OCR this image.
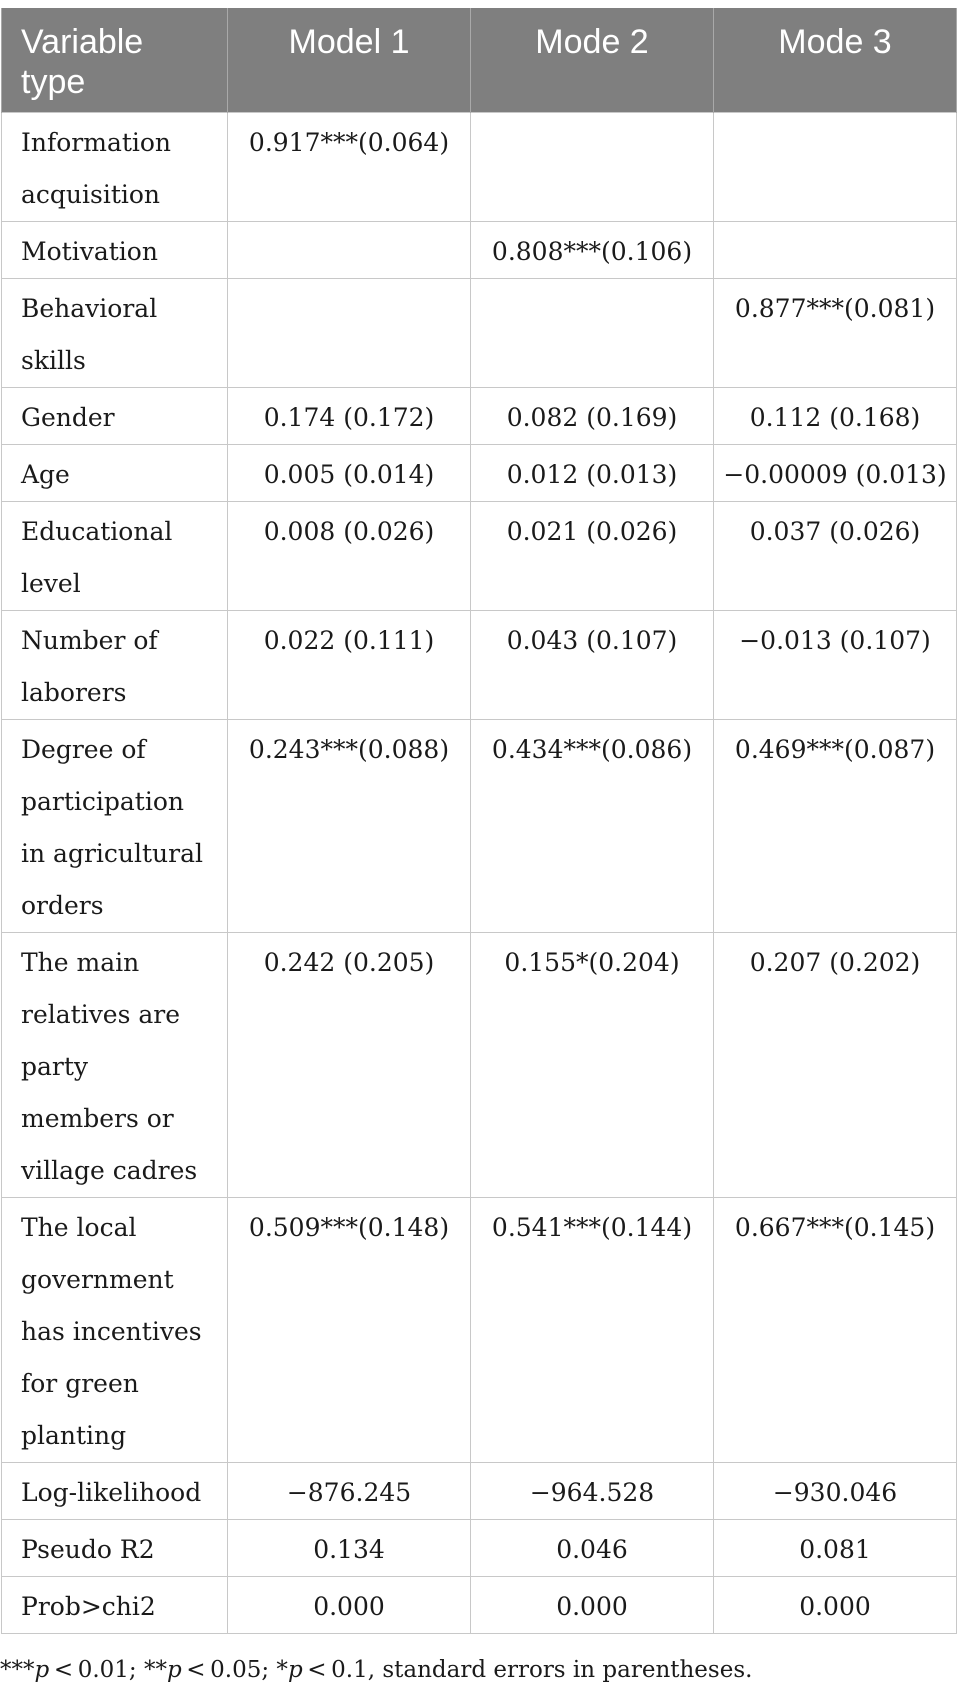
Variable type	Model 1	Mode 2	Mode 3
Information acquisition	0.917***(0.064)		
Motivation		0.808***(0.106)	
Behavioral skills			0.877***(0.081)
Gender	0.174 (0.172)	0.082 (0.169)	0.112 (0.168)
Age	0.005 (0.014)	0.012 (0.013)	−0.00009 (0.013)
Educational level	0.008 (0.026)	0.021 (0.026)	0.037 (0.026)
Number of laborers	0.022 (0.111)	0.043 (0.107)	−0.013 (0.107)
Degree of participation in agricultural orders	0.243***(0.088)	0.434***(0.086)	0.469***(0.087)
The main relatives are party members or village cadres	0.242 (0.205)	0.155*(0.204)	0.207 (0.202)
The local government has incentives for green planting	0.509***(0.148)	0.541***(0.144)	0.667***(0.145)
Log-likelihood	−876.245	−964.528	−930.046
Pseudo R2	0.134	0.046	0.081
Prob>chi2	0.000	0.000	0.000
***p < 0.01; **p < 0.05; *p < 0.1, standard errors in parentheses.
